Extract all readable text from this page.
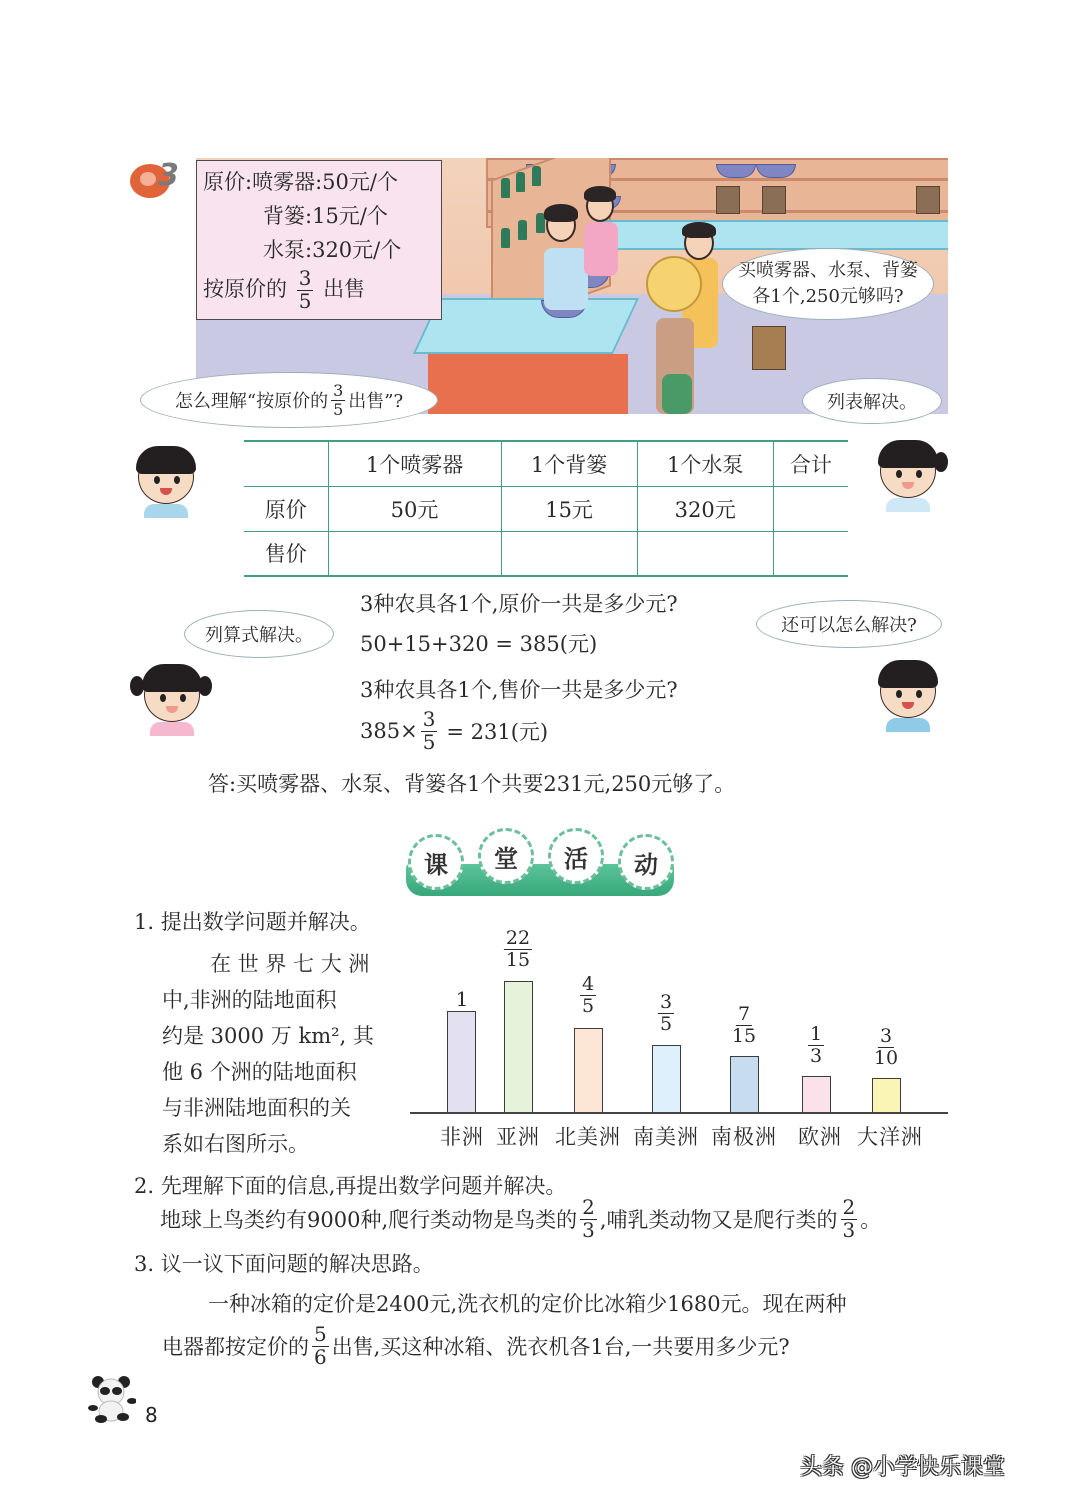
3 原价:喷雾器:50元/个
背篓:15元/个
水泵:320元/个
按原价的 $\frac{3}{5}$ 出售
买喷雾器、水泵、背篓
各1个,250元够吗?
怎么理解“按原价的 $\frac{3}{5}$ 出售”?	列表解决。
	1个喷雾器	1个背篓	1个水泵	合计
原价	50元	15元	320元	
售价				
列算式解决。	还可以怎么解决?
3种农具各1个,原价一共是多少元?
50+15+320 = 385(元)
3种农具各1个,售价一共是多少元?
$385\times \frac{3}{5} = 231$(元)
答:买喷雾器、水泵、背篓各1个共要231元,250元够了。
课	堂	活	动
1. 提出数学问题并解决。
在 世 界 七 大 洲
中,非洲的陆地面积
约是 3000 万 km², 其
他 6 个洲的陆地面积
与非洲陆地面积的关
系如右图所示。
1
$\frac{22}{15}$
$\frac{4}{5}$	$\frac{3}{5}$	$\frac{7}{15}$	$\frac{1}{3}$	$\frac{3}{10}$
非洲 亚洲 北美洲 南美洲 南极洲 欧洲 大洋洲
2. 先理解下面的信息,再提出数学问题并解决。
地球上鸟类约有9000种,爬行类动物是鸟类的 $\frac{2}{3}$ ,哺乳类动物又是爬行类的 $\frac{2}{3}$ 。
3. 议一议下面问题的解决思路。
一种冰箱的定价是2400元,洗衣机的定价比冰箱少1680元。现在两种
电器都按定价的 $\frac{5}{6}$ 出售,买这种冰箱、洗衣机各1台,一共要用多少元?
8
头条 @小学快乐课堂
